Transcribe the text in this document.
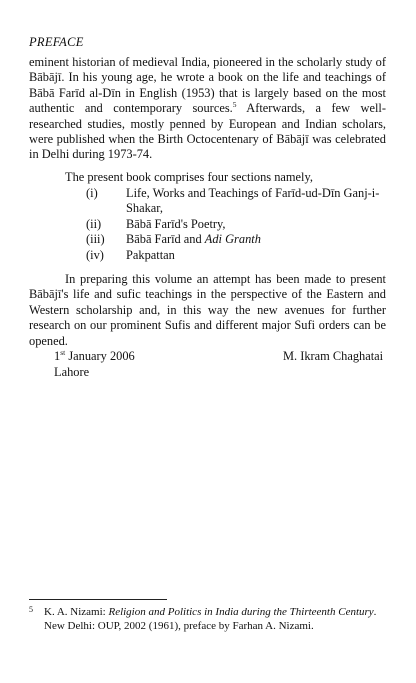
PREFACE
eminent historian of medieval India, pioneered in the scholarly study of Bābājī. In his young age, he wrote a book on the life and teachings of Bābā Farīd al-Dīn in English (1953) that is largely based on the most authentic and contemporary sources.$^5$ Afterwards, a few well-researched studies, mostly penned by European and Indian scholars, were published when the Birth Octocentenary of Bābājī was celebrated in Delhi during 1973-74.
The present book comprises four sections namely,
(i)	Life, Works and Teachings of Farīd-ud-Dīn Ganj-i-Shakar,
(ii)	Bābā Farīd's Poetry,
(iii)	Bābā Farīd and Adi Granth
(iv)	Pakpattan
In preparing this volume an attempt has been made to present Bābājī's life and sufic teachings in the perspective of the Eastern and Western scholarship and, in this way the new avenues for further research on our prominent Sufis and different major Sufi orders can be opened.
1st January 2006
Lahore
M. Ikram Chaghatai
5 K. A. Nizami: Religion and Politics in India during the Thirteenth Century. New Delhi: OUP, 2002 (1961), preface by Farhan A. Nizami.
